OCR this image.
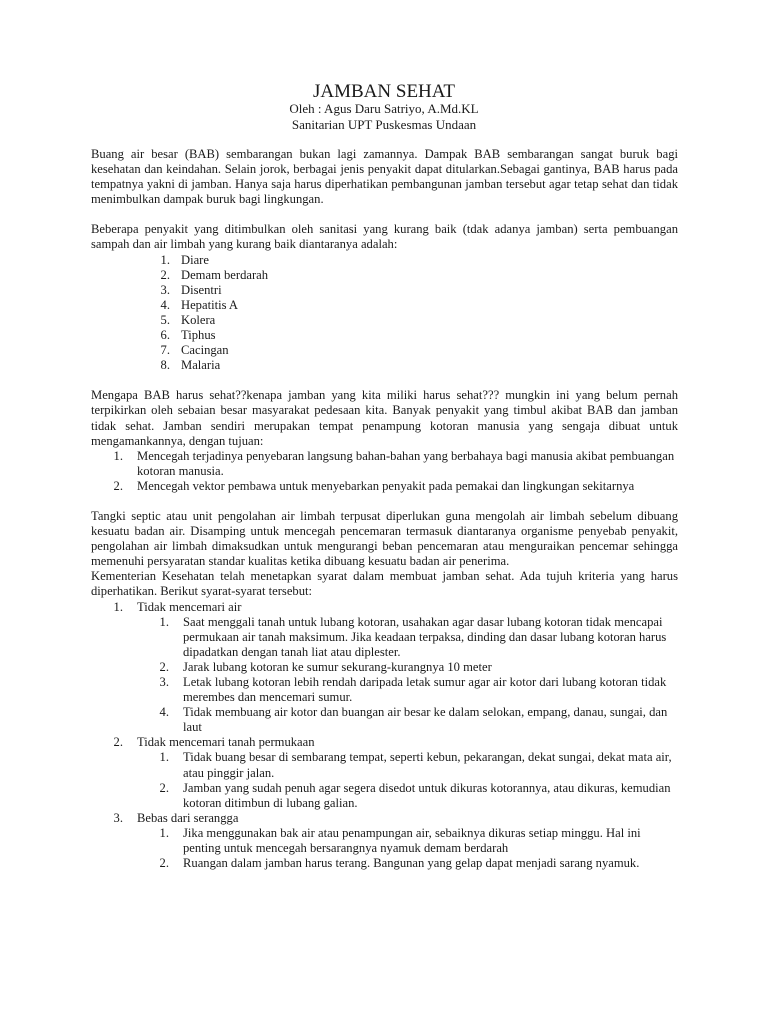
JAMBAN SEHAT
Oleh : Agus Daru Satriyo, A.Md.KL
Sanitarian UPT Puskesmas Undaan

Buang air besar (BAB) sembarangan bukan lagi zamannya. Dampak BAB sembarangan sangat buruk bagi kesehatan dan keindahan. Selain jorok, berbagai jenis penyakit dapat ditularkan.Sebagai gantinya, BAB harus pada tempatnya yakni di jamban. Hanya saja harus diperhatikan pembangunan jamban tersebut agar tetap sehat dan tidak menimbulkan dampak buruk bagi lingkungan.

Beberapa penyakit yang ditimbulkan oleh sanitasi yang kurang baik (tdak adanya jamban) serta pembuangan sampah dan air limbah yang kurang baik diantaranya adalah:

1. Diare
2. Demam berdarah
3. Disentri
4. Hepatitis A
5. Kolera
6. Tiphus
7. Cacingan
8. Malaria

Mengapa BAB harus sehat??kenapa jamban yang kita miliki harus sehat??? mungkin ini yang belum pernah terpikirkan oleh sebaian besar masyarakat pedesaan kita. Banyak penyakit yang timbul akibat BAB dan jamban tidak sehat. Jamban sendiri merupakan tempat penampung kotoran manusia yang sengaja dibuat untuk mengamankannya, dengan tujuan:

1. Mencegah terjadinya penyebaran langsung bahan-bahan yang berbahaya bagi manusia akibat pembuangan kotoran manusia.
2. Mencegah vektor pembawa untuk menyebarkan penyakit pada pemakai dan lingkungan sekitarnya

Tangki septic atau unit pengolahan air limbah terpusat diperlukan guna mengolah air limbah sebelum dibuang kesuatu badan air. Disamping untuk mencegah pencemaran termasuk diantaranya organisme penyebab penyakit, pengolahan air limbah dimaksudkan untuk mengurangi beban pencemaran atau menguraikan pencemar sehingga memenuhi persyaratan standar kualitas ketika dibuang kesuatu badan air penerima.

Kementerian Kesehatan telah menetapkan syarat dalam membuat jamban sehat. Ada tujuh kriteria yang harus diperhatikan. Berikut syarat-syarat tersebut:

1. Tidak mencemari air
1. Saat menggali tanah untuk lubang kotoran, usahakan agar dasar lubang kotoran tidak mencapai permukaan air tanah maksimum. Jika keadaan terpaksa, dinding dan dasar lubang kotoran harus dipadatkan dengan tanah liat atau diplester.
2. Jarak lubang kotoran ke sumur sekurang-kurangnya 10 meter
3. Letak lubang kotoran lebih rendah daripada letak sumur agar air kotor dari lubang kotoran tidak merembes dan mencemari sumur.
4. Tidak membuang air kotor dan buangan air besar ke dalam selokan, empang, danau, sungai, dan laut
2. Tidak mencemari tanah permukaan
1. Tidak buang besar di sembarang tempat, seperti kebun, pekarangan, dekat sungai, dekat mata air, atau pinggir jalan.
2. Jamban yang sudah penuh agar segera disedot untuk dikuras kotorannya, atau dikuras, kemudian kotoran ditimbun di lubang galian.
3. Bebas dari serangga
1. Jika menggunakan bak air atau penampungan air, sebaiknya dikuras setiap minggu. Hal ini penting untuk mencegah bersarangnya nyamuk demam berdarah
2. Ruangan dalam jamban harus terang. Bangunan yang gelap dapat menjadi sarang nyamuk.
